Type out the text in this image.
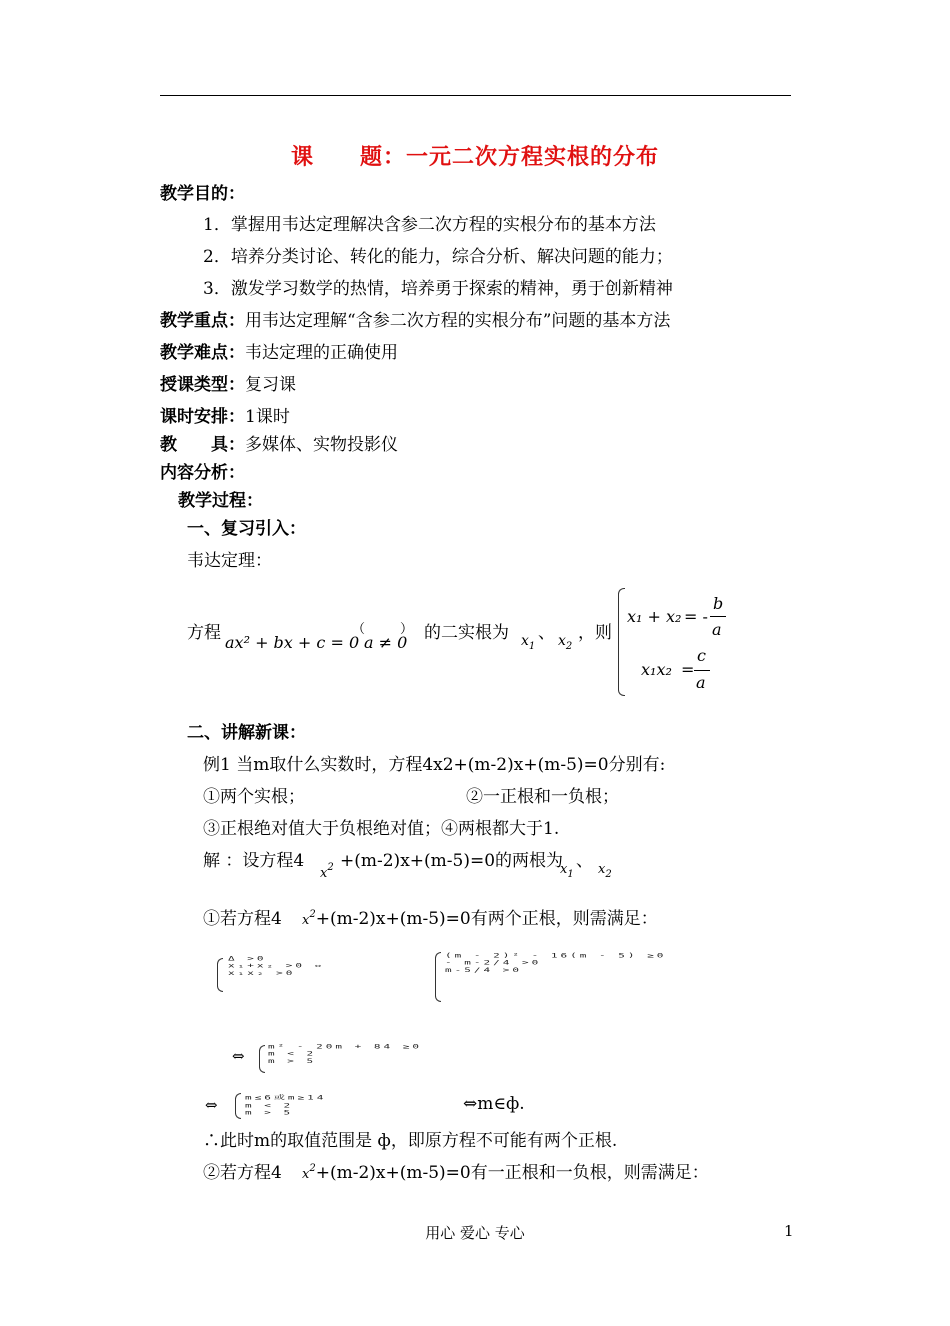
课　　题：一元二次方程实根的分布
教学目的：
1．掌握用韦达定理解决含参二次方程的实根分布的基本方法
2．培养分类讨论、转化的能力，综合分析、解决问题的能力；
3．激发学习数学的热情，培养勇于探索的精神，勇于创新精神
教学重点：用韦达定理解“含参二次方程的实根分布”问题的基本方法
教学难点：韦达定理的正确使用
授课类型：复习课
课时安排：1课时
教　　具：多媒体、实物投影仪
内容分析：
教学过程：
一、复习引入：
韦达定理：
方程 ax² + bx + c = 0
（
a ≠ 0
） 的二实根为 $x_1$
、 $x_2$
，则
x₁ + x₂ = -
b
a
x₁x₂ =
c
a
二、讲解新课：
例1 当m取什么实数时，方程4x2+(m-2)x+(m-5)=0分别有:
①两个实根；	②一正根和一负根；
③正根绝对值大于负根绝对值；④两根都大于1.
解 ：设方程4
$x^2 +(m-2)x+(m-5)=0$的两根为
$x_1$
、 $x_2$
①若方程4 $x^2+(m-2)x+(m-5)=0$有两个正根，则需满足：
Δ >0
x₁+x₂ >0 ⇔
x₁x₂ >0
(m - 2)² - 16(m - 5) ≥0
- m-2/4 >0
m-5/4 >0
⇔
m² - 20m + 84 ≥0
m < 2
m > 5
⇔ m≤6或m≥14
m < 2
m > 5	⇔m∈ф.
∴此时m的取值范围是 ф，即原方程不可能有两个正根.
②若方程4 $x^2+(m-2)x+(m-5)=0$有一正根和一负根，则需满足：
用心 爱心 专心	1
